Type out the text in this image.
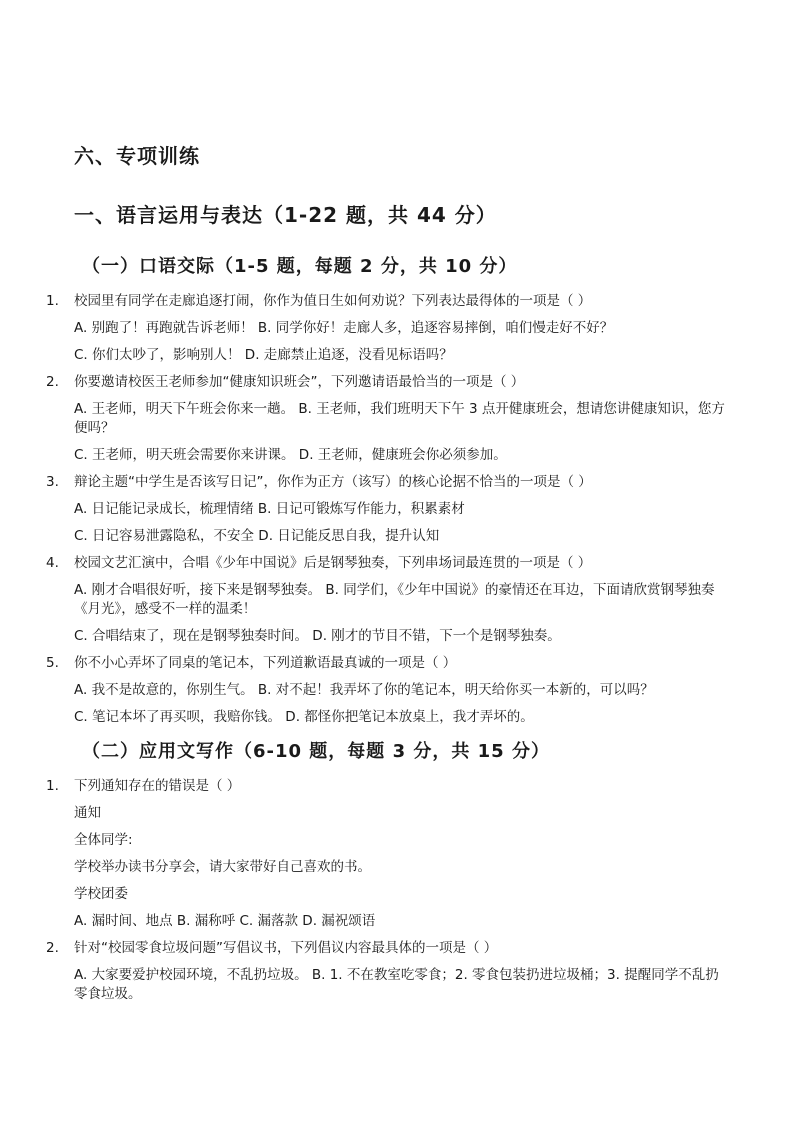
六、专项训练
一、语言运用与表达（1-22 题，共 44 分）
（一）口语交际（1-5 题，每题 2 分，共 10 分）
1.	校园里有同学在走廊追逐打闹，你作为值日生如何劝说？下列表达最得体的一项是（ ）
A. 别跑了！再跑就告诉老师！ B. 同学你好！走廊人多，追逐容易摔倒，咱们慢走好不好？
C. 你们太吵了，影响别人！ D. 走廊禁止追逐，没看见标语吗？
2.	你要邀请校医王老师参加“健康知识班会”，下列邀请语最恰当的一项是（ ）
A. 王老师，明天下午班会你来一趟。 B. 王老师，我们班明天下午 3 点开健康班会，想请您讲健康知识，您方便吗？
C. 王老师，明天班会需要你来讲课。 D. 王老师，健康班会你必须参加。
3.	辩论主题“中学生是否该写日记”，你作为正方（该写）的核心论据不恰当的一项是（ ）
A. 日记能记录成长，梳理情绪 B. 日记可锻炼写作能力，积累素材
C. 日记容易泄露隐私，不安全 D. 日记能反思自我，提升认知
4.	校园文艺汇演中，合唱《少年中国说》后是钢琴独奏，下列串场词最连贯的一项是（ ）
A. 刚才合唱很好听，接下来是钢琴独奏。 B. 同学们，《少年中国说》的豪情还在耳边，下面请欣赏钢琴独奏《月光》，感受不一样的温柔！
C. 合唱结束了，现在是钢琴独奏时间。 D. 刚才的节目不错，下一个是钢琴独奏。
5.	你不小心弄坏了同桌的笔记本，下列道歉语最真诚的一项是（ ）
A. 我不是故意的，你别生气。 B. 对不起！我弄坏了你的笔记本，明天给你买一本新的，可以吗？
C. 笔记本坏了再买呗，我赔你钱。 D. 都怪你把笔记本放桌上，我才弄坏的。
（二）应用文写作（6-10 题，每题 3 分，共 15 分）
1.	下列通知存在的错误是（ ）
通知
全体同学:
学校举办读书分享会，请大家带好自己喜欢的书。
学校团委
A. 漏时间、地点 B. 漏称呼 C. 漏落款 D. 漏祝颂语
2.	针对“校园零食垃圾问题”写倡议书，下列倡议内容最具体的一项是（ ）
A. 大家要爱护校园环境，不乱扔垃圾。 B. 1. 不在教室吃零食；2. 零食包装扔进垃圾桶；3. 提醒同学不乱扔零食垃圾。
